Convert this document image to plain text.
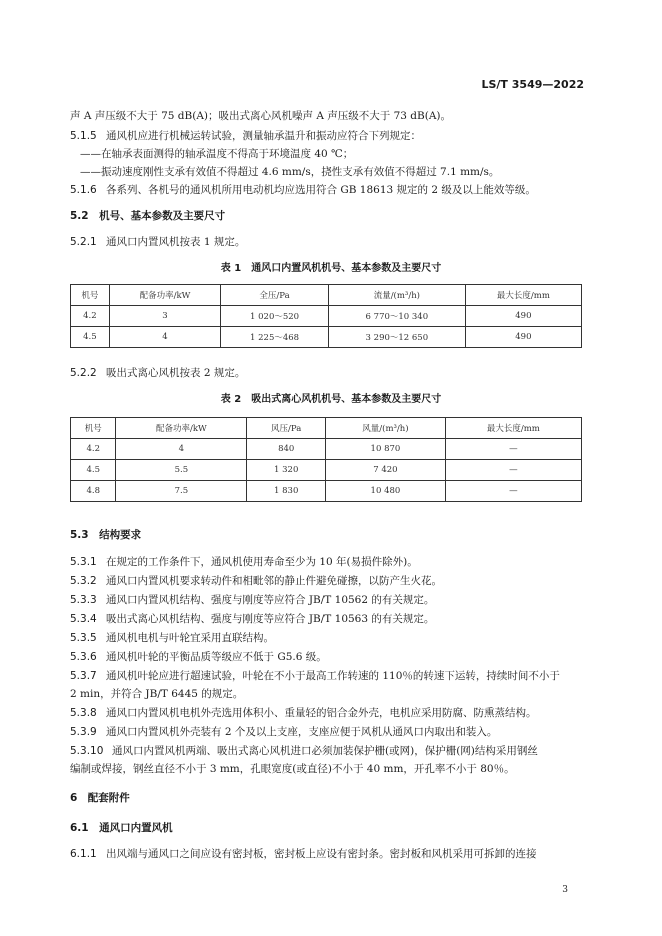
LS/T 3549—2022
声 A 声压级不大于 75 dB(A)；吸出式离心风机噪声 A 声压级不大于 73 dB(A)。
5.1.5 通风机应进行机械运转试验，测量轴承温升和振动应符合下列规定：
——在轴承表面测得的轴承温度不得高于环境温度 40 ℃；
——振动速度刚性支承有效值不得超过 4.6 mm/s，挠性支承有效值不得超过 7.1 mm/s。
5.1.6 各系列、各机号的通风机所用电动机均应选用符合 GB 18613 规定的 2 级及以上能效等级。
5.2　机号、基本参数及主要尺寸
5.2.1 通风口内置风机按表 1 规定。
表 1　通风口内置风机机号、基本参数及主要尺寸
机号	配备功率/kW	全压/Pa	流量/(m³/h)	最大长度/mm
4.2	3	1 020～520	6 770～10 340	490
4.5	4	1 225～468	3 290～12 650	490
5.2.2 吸出式离心风机按表 2 规定。
表 2　吸出式离心风机机号、基本参数及主要尺寸
机号	配备功率/kW	风压/Pa	风量/(m³/h)	最大长度/mm
4.2	4	840	10 870	—
4.5	5.5	1 320	7 420	—
4.8	7.5	1 830	10 480	—
5.3　结构要求
5.3.1 在规定的工作条件下，通风机使用寿命至少为 10 年(易损件除外)。
5.3.2 通风口内置风机要求转动件和相毗邻的静止件避免碰擦，以防产生火花。
5.3.3 通风口内置风机结构、强度与刚度等应符合 JB/T 10562 的有关规定。
5.3.4 吸出式离心风机结构、强度与刚度等应符合 JB/T 10563 的有关规定。
5.3.5 通风机电机与叶轮宜采用直联结构。
5.3.6 通风机叶轮的平衡品质等级应不低于 G5.6 级。
5.3.7 通风机叶轮应进行超速试验，叶轮在不小于最高工作转速的 110％的转速下运转，持续时间不小于
2 min，并符合 JB/T 6445 的规定。
5.3.8 通风口内置风机电机外壳选用体积小、重量轻的铝合金外壳，电机应采用防腐、防熏蒸结构。
5.3.9 通风口内置风机外壳装有 2 个及以上支座，支座应便于风机从通风口内取出和装入。
5.3.10 通风口内置风机两端、吸出式离心风机进口必须加装保护栅(或网)，保护栅(网)结构采用钢丝
编制或焊接，钢丝直径不小于 3 mm，孔眼宽度(或直径)不小于 40 mm，开孔率不小于 80％。
6　配套附件
6.1　通风口内置风机
6.1.1 出风端与通风口之间应设有密封板，密封板上应设有密封条。密封板和风机采用可拆卸的连接
3
